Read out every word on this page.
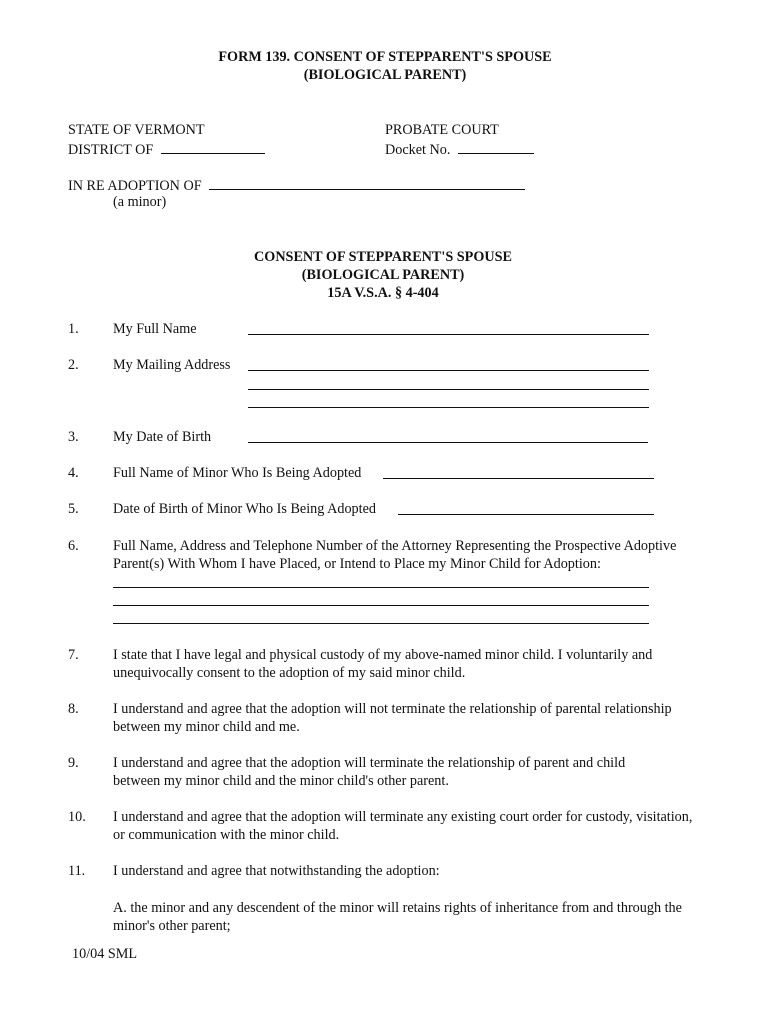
FORM 139. CONSENT OF STEPPARENT'S SPOUSE
(BIOLOGICAL PARENT)
STATE OF VERMONT
DISTRICT OF
PROBATE COURT
Docket No.
IN RE ADOPTION OF
(a minor)
CONSENT OF STEPPARENT'S SPOUSE
(BIOLOGICAL PARENT)
15A V.S.A. § 4-404
1. My Full Name
2. My Mailing Address
3. My Date of Birth
4. Full Name of Minor Who Is Being Adopted
5. Date of Birth of Minor Who Is Being Adopted
6. Full Name, Address and Telephone Number of the Attorney Representing the Prospective Adoptive Parent(s) With Whom I have Placed, or Intend to Place my Minor Child for Adoption:
7. I state that I have legal and physical custody of my above-named minor child. I voluntarily and unequivocally consent to the adoption of my said minor child.
8. I understand and agree that the adoption will not terminate the relationship of parental relationship between my minor child and me.
9. I understand and agree that the adoption will terminate the relationship of parent and child between my minor child and the minor child's other parent.
10. I understand and agree that the adoption will terminate any existing court order for custody, visitation, or communication with the minor child.
11. I understand and agree that notwithstanding the adoption:
A. the minor and any descendent of the minor will retains rights of inheritance from and through the minor's other parent;
10/04 SML
